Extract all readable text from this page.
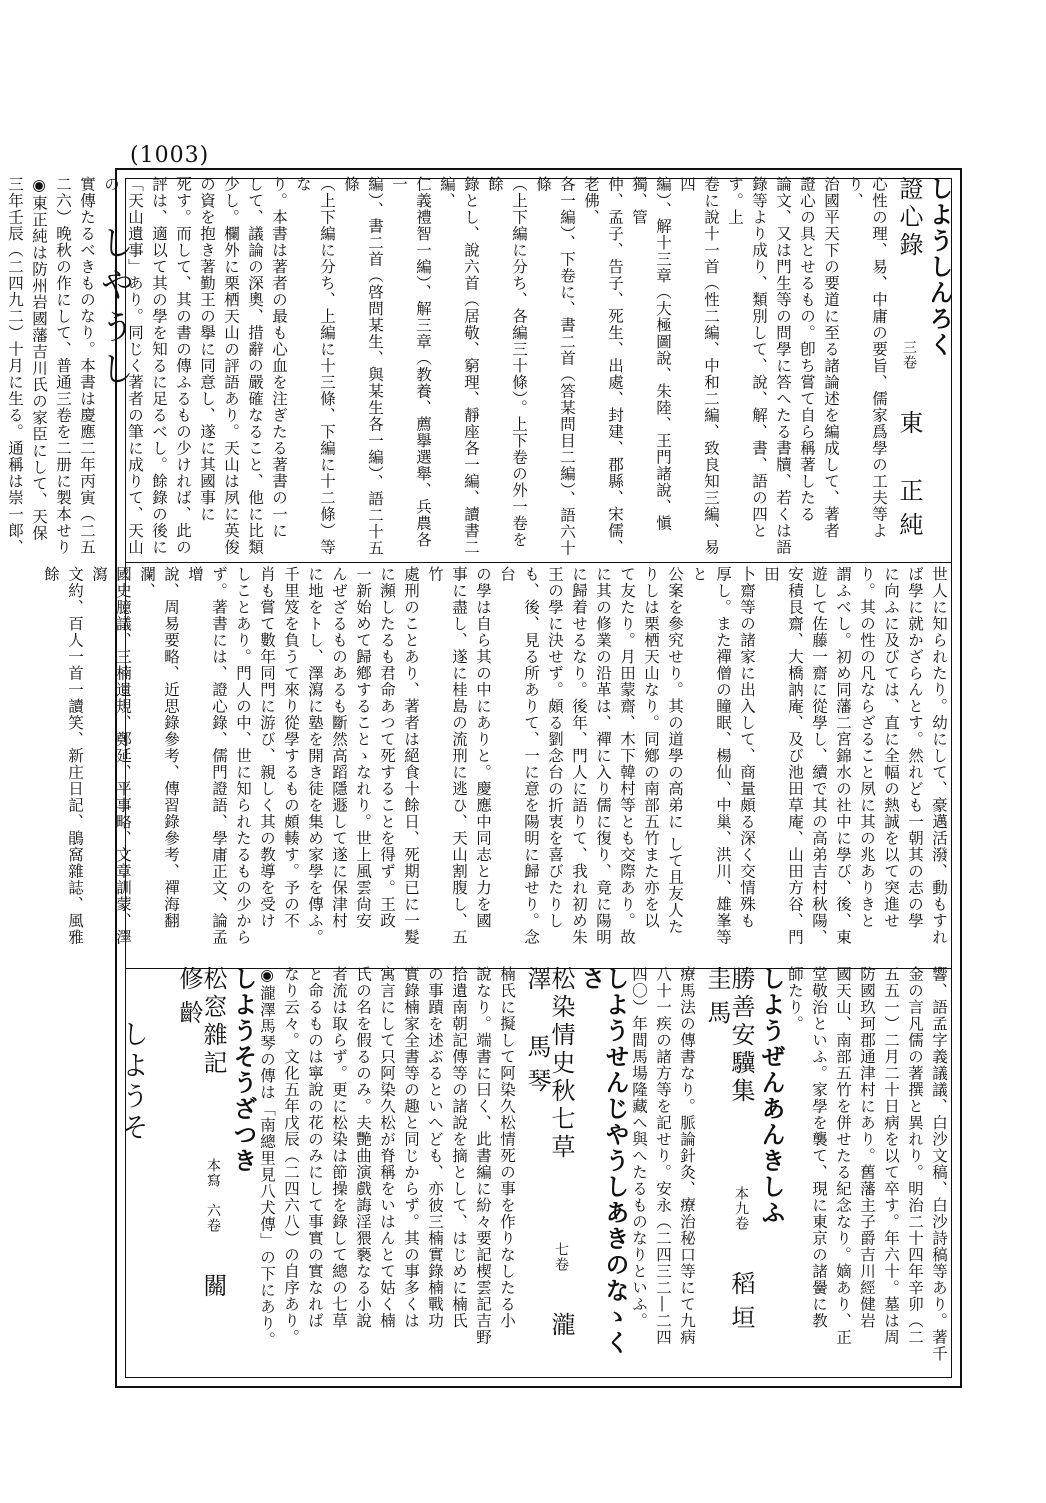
(1003)
しやうし
しようそ
しようしんろく
證心錄三卷東　正純

心性の理、易、中庸の要旨、儒家爲學の工夫等より、

治國平天下の要道に至る諸論述を編成して、著者

證心の具とせるもの。卽ち嘗て自ら稱著したる

論文、又は門生等の問學に答へたる書牘、若くは語

錄等より成り、類別して、說、解、書、語の四とす。上

卷に說十一首（性二編、中和二編、致良知三編、易四

編）、解十三章（大極圖說、朱陸、王門諸說、愼獨、管

仲、孟子、告子、死生、出處、封建、郡縣、宋儒、老佛、

各一編）、下卷に、書二首（答某問目二編）、語六十條

（上下編に分ち、各編三十條）。上下卷の外一卷を餘

錄とし、說六首（居敬、窮理、靜座各一編、讀書二編、

仁義禮智一編）、解三章（教養、薦擧選舉、兵農各一

編）、書二首（啓問某生、與某生各一編）、語二十五條

（上下編に分ち、上編に十三條、下編に十二條）等な

り。本書は著者の最も心血を注ぎたる著書の一に

して、議論の深奧、措辭の嚴確なること、他に比類

少し。欄外に栗栖天山の評語あり。天山は夙に英俊

の資を抱き著勤王の擧に同意し、遂に其國事に

死す。而して、其の書の傳ふるもの少ければ、此の

評は、適以て其の學を知るに足るべし。餘錄の後に

「天山遺事」あり。同じく著者の筆に成りて、天山の

實傳たるべきものなり。本書は慶應二年丙寅（二五

二六）晚秋の作にして、普通三卷を二册に製本せり

◉東正純は防州岩國藩吉川氏の家臣にして、天保

三年壬辰（二四九二）十月に生る。通稱は崇一郞、

世人に知られたり。幼にして、豪邁活潑、動もすれ

ば學に就かざらんとす。然れども一朝其の志の學

に向ふに及びては、直に全幅の熱誠を以て突進せ

り。其の性の凡ならざること夙に其の兆ありきと

謂ふべし。初め同藩二宮錦水の社中に學び、後、東

遊して佐藤一齋に從學し、續で其の高弟吉村秋陽、

安積艮齋、大橋訥庵、及び池田草庵、山田方谷、門田

卜齋等の諸家に出入して、商量頗る深く交情殊も

厚し。また禪僧の瞳眠、楊仙、中巢、洪川、雄峯等と

公案を參究せり。其の道學の高弟に して且友人た

りしは栗栖天山なり。同鄕の南部五竹また亦を以

て友たり。月田蒙齋、木下韓村等とも交際あり。故

に其の修業の沿革は、禪に入り儒に復り、竟に陽明

に歸着せるなり。後年、門人に語りて、我れ初め朱

王の學に決せず。頗る劉念台の折衷を喜びたりし

も、後、見る所ありて、一に意を陽明に歸せり。念台

の學は自ら其の中にありと。慶應中同志と力を國

事に盡し、遂に桂島の流刑に逃ひ、天山割腹し、五竹

處刑のことあり、著者は絕食十餘日、死期已に一髮

に瀕したるも君命あつて死することを得ず。王政

一新始めて歸鄕することゝなれり。世上風雲尙安

んぜざるものあるも斷然高蹈隱遯して遂に保津村

に地をトし、澤瀉に塾を開き徒を集め家學を傳ふ。

千里笈を負うて來り從學するもの頗輳す。予の不

肖も嘗て數年同門に游び、親しく其の教導を受け

しことあり。門人の中、世に知られたるもの少から

ず。著書には、證心錄、儒門證語、學庸正文、論孟增

說、周易要略、近思錄參考、傳習錄參考、禪海翻瀾、

國史臆議、三楠遺規、鄭延、平事略、文章訓蒙、澤瀉

文約、百人一首一讀笑、新庄日記、鵑窩雜誌、風雅餘

響、語孟字義議議、白沙文稿、白沙詩稿等あり。著千

金の言凡儒の著撰と異れり。明治二十四年辛卯（二

五五一）二月二十日病を以て卒す。年六十。墓は周

防國玖珂郡通津村にあり。舊藩主子爵吉川經健岩

國天山、南部五竹を併せたる紀念なり。嫡あり、正

堂敬治といふ。家學を襲て、現に東京の諸黌に教

師たり。

しようぜんあんきしふ
勝善安驥集本九卷稻垣　圭馬

療馬法の傳書なり。脈論針灸、療治秘口等にて九病

八十一疾の諸方等を記せり。安永（二四三二―二四

四〇）年間馬場隆藏へ與へたるものなりといふ。

しようせんじやうしあきのなゝくさ
松染情史秋七草七卷瀧澤　馬琴

楠氏に擬して阿染久松情死の事を作りなしたる小

說なり。端書に曰く、此書編に紛々要記楔雲記吉野

拾遺南朝記傳等の諸說を摘として、はじめに楠氏

の事蹟を述ぶるといへども、亦彼三楠實錄楠戰功

實錄楠家全書等の趣と同じからず。其の事多くは

寓言にして只阿染久松が脊稱をいはんとて姑く楠

氏の名を假るのみ。夫艷曲演戲誨淫猥褻なる小說

者流は取らず。更に松染は節操を錄して總の七草

と命るものは寧說の花のみにして事實の實なれば

なり云々。文化五年戊辰（二四六八）の自序あり。

◉瀧澤馬琴の傳は「南總里見八犬傳」の下にあり。

しようそうざつき
松窓雜記本寫　六卷關　修齡
